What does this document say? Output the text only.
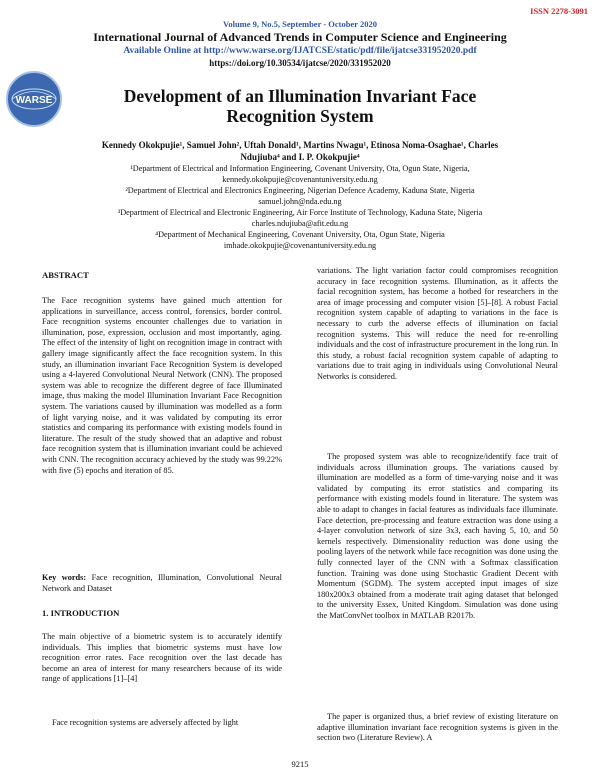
ISSN 2278-3091
Volume 9, No.5, September - October 2020
International Journal of Advanced Trends in Computer Science and Engineering
Available Online at http://www.warse.org/IJATCSE/static/pdf/file/ijatcse331952020.pdf
https://doi.org/10.30534/ijatcse/2020/331952020
WARSE	Development of an Illumination Invariant Face
Recognition System
Kennedy Okokpujie¹, Samuel John², Uftah Donald¹, Martins Nwagu¹, Etinosa Noma-Osaghae¹, Charles
Ndujiuba⁴ and I. P. Okokpujie⁴
¹Department of Electrical and Information Engineering, Covenant University, Ota, Ogun State, Nigeria,
kennedy.okokpujie@covenantuniversity.edu.ng
²Department of Electrical and Electronics Engineering, Nigerian Defence Academy, Kaduna State, Nigeria
samuel.john@nda.edu.ng
³Department of Electrical and Electronic Engineering, Air Force Institute of Technology, Kaduna State, Nigeria
charles.ndujiuba@afit.edu.ng
⁴Department of Mechanical Engineering, Covenant University, Ota, Ogun State, Nigeria
imhade.okokpujie@covenantuniversity.edu.ng
ABSTRACT

The Face recognition systems have gained much attention for applications in surveillance, access control, forensics, border control. Face recognition systems encounter challenges due to variation in illumination, pose, expression, occlusion and most importantly, aging. The effect of the intensity of light on recognition image in contract with gallery image significantly affect the face recognition system. In this study, an illumination invariant Face Recognition System is developed using a 4-layered Convolutional Neural Network (CNN). The proposed system was able to recognize the different degree of face Illuminated image, thus making the model Illumination Invariant Face Recognition system. The variations caused by illumination was modelled as a form of light varying noise, and it was validated by computing its error statistics and comparing its performance with existing models found in literature. The result of the study showed that an adaptive and robust face recognition system that is illumination invariant could be achieved with CNN. The recognition accuracy achieved by the study was 99.22% with five (5) epochs and iteration of 85.

Key words: Face recognition, Illumination, Convolutional Neural Network and Dataset

1. INTRODUCTION

The main objective of a biometric system is to accurately identify individuals. This implies that biometric systems must have low recognition error rates. Face recognition over the last decade has become an area of interest for many researchers because of its wide range of applications [1]–[4]

Face recognition systems are adversely affected by light

variations. The light variation factor could compromises recognition accuracy in face recognition systems. Illumination, as it affects the facial recognition system, has become a hotbed for researchers in the area of image processing and computer vision [5]–[8]. A robust Facial recognition system capable of adapting to variations in the face is necessary to curb the adverse effects of illumination on facial recognition systems. This will reduce the need for re-enrolling individuals and the cost of infrastructure procurement in the long run. In this study, a robust facial recognition system capable of adapting to variations due to trait aging in individuals using Convolutional Neural Networks is considered.

The proposed system was able to recognize/identify face trait of individuals across illumination groups. The variations caused by illumination are modelled as a form of time-varying noise and it was validated by computing its error statistics and comparing its performance with existing models found in literature. The system was able to adapt to changes in facial features as individuals face illuminate. Face detection, pre-processing and feature extraction was done using a 4-layer convolution network of size 3x3, each having 5, 10, and 50 kernels respectively. Dimensionality reduction was done using the pooling layers of the network while face recognition was done using the fully connected layer of the CNN with a Softmax classification function. Training was done using Stochastic Gradient Decent with Momentum (SGDM). The system accepted input images of size 180x200x3 obtained from a moderate trait aging dataset that belonged to the university Essex, United Kingdom. Simulation was done using the MatConvNet toolbox in MATLAB R2017b.

The paper is organized thus, a brief review of existing literature on adaptive illumination invariant face recognition systems is given in the section two (Literature Review). A

9215
